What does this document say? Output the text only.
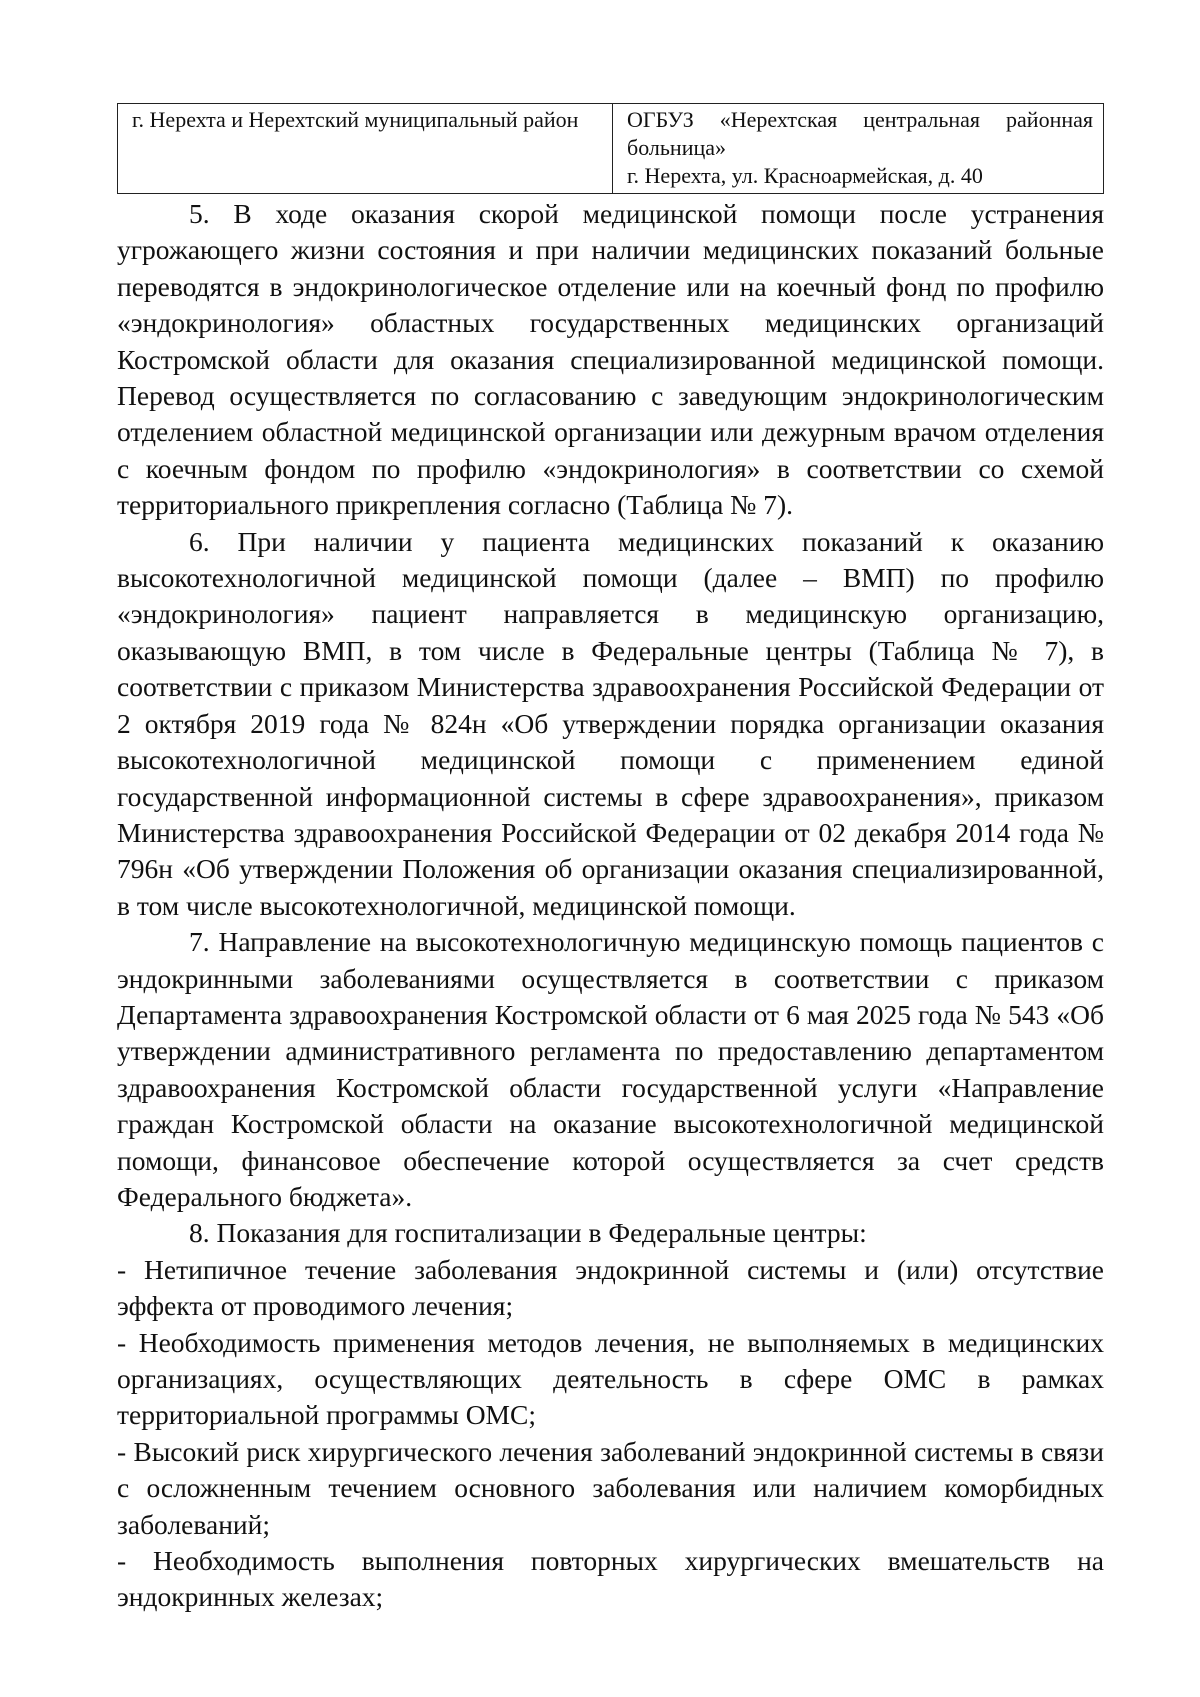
г. Нерехта и Нерехтский муниципальный район	ОГБУЗ «Нерехтская центральная районная больница»
г. Нерехта, ул. Красноармейская, д. 40

5. В ходе оказания скорой медицинской помощи после устранения угрожающего жизни состояния и при наличии медицинских показаний больные переводятся в эндокринологическое отделение или на коечный фонд по профилю «эндокринология» областных государственных медицинских организаций Костромской области для оказания специализированной медицинской помощи. Перевод осуществляется по согласованию с заведующим эндокринологическим отделением областной медицинской организации или дежурным врачом отделения с коечным фондом по профилю «эндокринология» в соответствии со схемой территориального прикрепления согласно (Таблица № 7).

6. При наличии у пациента медицинских показаний к оказанию высокотехнологичной медицинской помощи (далее – ВМП) по профилю «эндокринология» пациент направляется в медицинскую организацию, оказывающую ВМП, в том числе в Федеральные центры (Таблица № 7), в соответствии с приказом Министерства здравоохранения Российской Федерации от 2 октября 2019 года № 824н «Об утверждении порядка организации оказания высокотехнологичной медицинской помощи с применением единой государственной информационной системы в сфере здравоохранения», приказом Министерства здравоохранения Российской Федерации от 02 декабря 2014 года № 796н «Об утверждении Положения об организации оказания специализированной, в том числе высокотехнологичной, медицинской помощи.

7. Направление на высокотехнологичную медицинскую помощь пациентов с эндокринными заболеваниями осуществляется в соответствии с приказом Департамента здравоохранения Костромской области от 6 мая 2025 года № 543 «Об утверждении административного регламента по предоставлению департаментом здравоохранения Костромской области государственной услуги «Направление граждан Костромской области на оказание высокотехнологичной медицинской помощи, финансовое обеспечение которой осуществляется за счет средств Федерального бюджета».

8. Показания для госпитализации в Федеральные центры:

- Нетипичное течение заболевания эндокринной системы и (или) отсутствие эффекта от проводимого лечения;

- Необходимость применения методов лечения, не выполняемых в медицинских организациях, осуществляющих деятельность в сфере ОМС в рамках территориальной программы ОМС;

- Высокий риск хирургического лечения заболеваний эндокринной системы в связи с осложненным течением основного заболевания или наличием коморбидных заболеваний;

- Необходимость выполнения повторных хирургических вмешательств на эндокринных железах;
